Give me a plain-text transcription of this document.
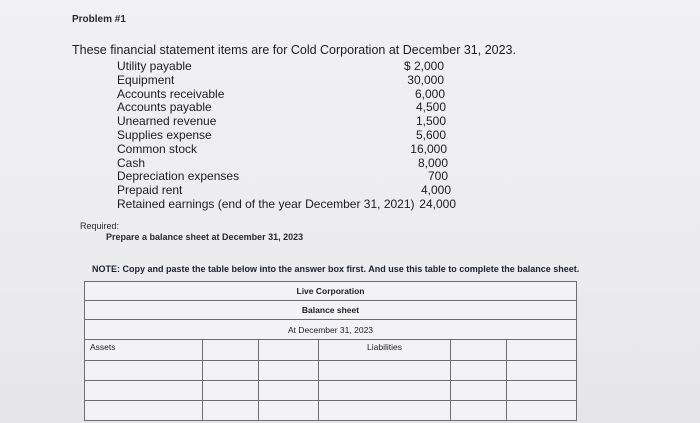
Problem #1
These financial statement items are for Cold Corporation at December 31, 2023.
Utility payable	$ 2,000
Equipment	30,000
Accounts receivable	6,000
Accounts payable	4,500
Unearned revenue	1,500
Supplies expense	5,600
Common stock	16,000
Cash	8,000
Depreciation expenses	700
Prepaid rent	4,000
Retained earnings (end of the year December 31, 2021) 24,000
Required:
Prepare a balance sheet at December 31, 2023
NOTE: Copy and paste the table below into the answer box first. And use this table to complete the balance sheet.
Live Corporation					
Balance sheet					
At December 31, 2023					
Assets			Liabilities		
